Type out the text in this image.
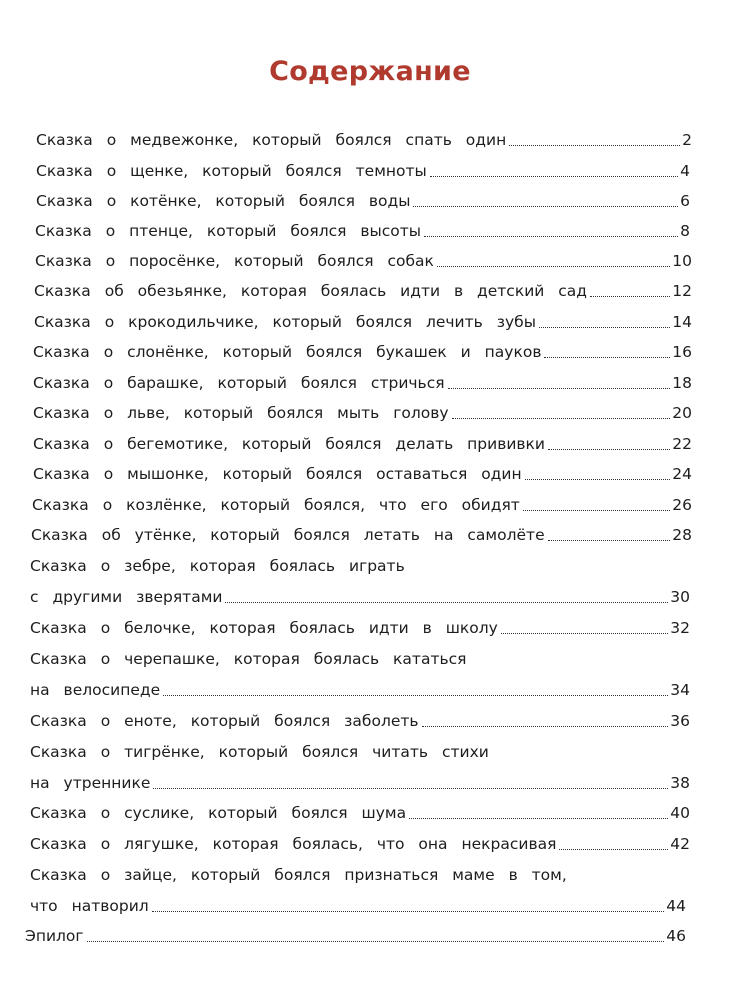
Содержание
Сказка о медвежонке, который боялся спать один	2
Сказка о щенке, который боялся темноты	4
Сказка о котёнке, который боялся воды	6
Сказка о птенце, который боялся высоты	8
Сказка о поросёнке, который боялся собак	10
Сказка об обезьянке, которая боялась идти в детский сад	12
Сказка о крокодильчике, который боялся лечить зубы	14
Сказка о слонёнке, который боялся букашек и пауков	16
Сказка о барашке, который боялся стричься	18
Сказка о льве, который боялся мыть голову	20
Сказка о бегемотике, который боялся делать прививки	22
Сказка о мышонке, который боялся оставаться один	24
Сказка о козлёнке, который боялся, что его обидят	26
Сказка об утёнке, который боялся летать на самолёте	28
Сказка о зебре, которая боялась играть
с другими зверятами	30
Сказка о белочке, которая боялась идти в школу	32
Сказка о черепашке, которая боялась кататься
на велосипеде	34
Сказка о еноте, который боялся заболеть	36
Сказка о тигрёнке, который боялся читать стихи
на утреннике	38
Сказка о суслике, который боялся шума	40
Сказка о лягушке, которая боялась, что она некрасивая	42
Сказка о зайце, который боялся признаться маме в том,
что натворил	44
Эпилог	46
